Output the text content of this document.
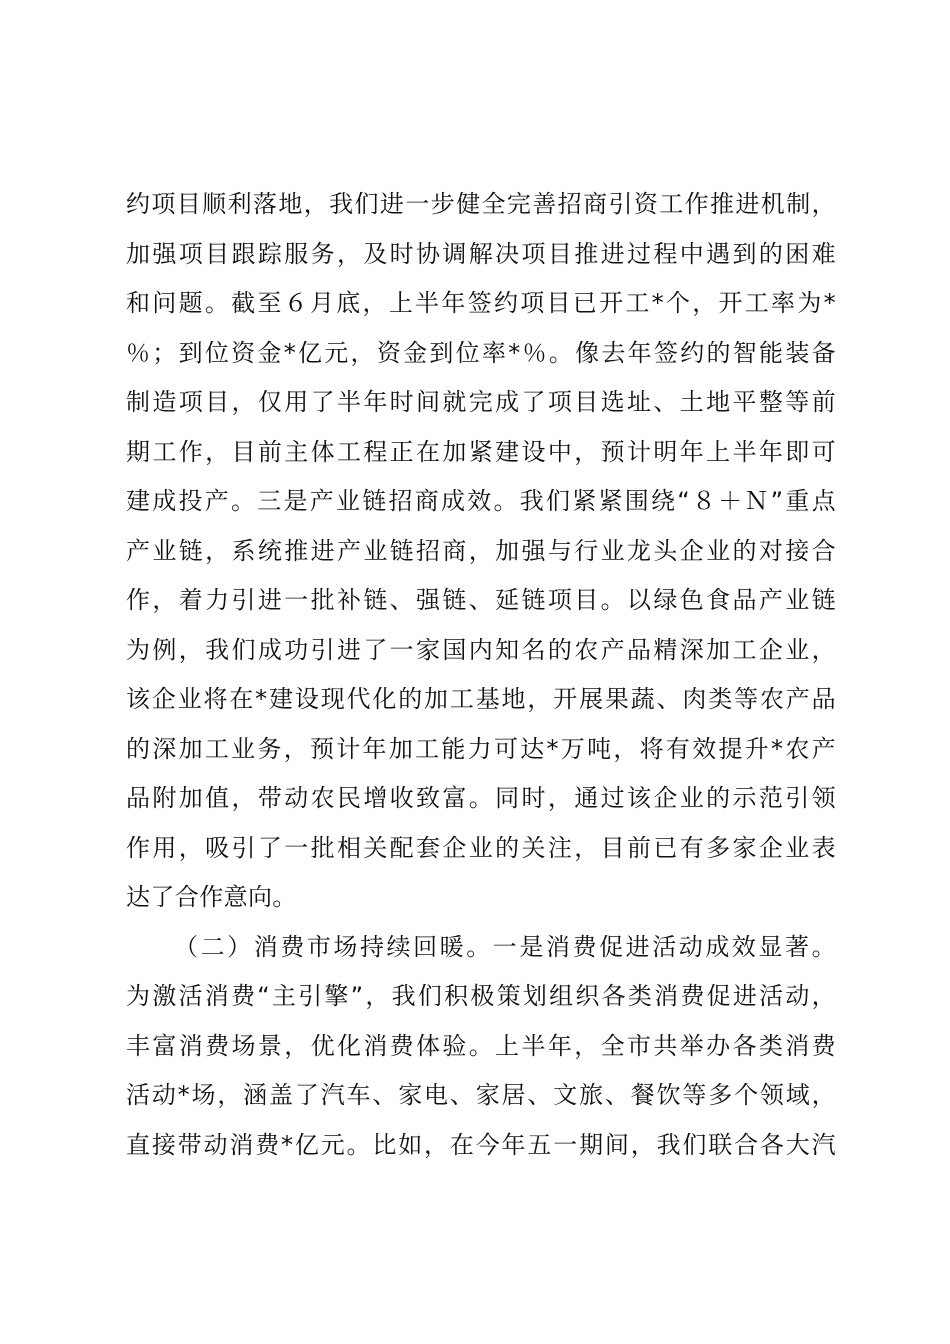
约项目顺利落地，我们进一步健全完善招商引资工作推进机制，
加强项目跟踪服务，及时协调解决项目推进过程中遇到的困难
和问题。截至６月底，上半年签约项目已开工*个，开工率为*
％；到位资金*亿元，资金到位率*％。像去年签约的智能装备
制造项目，仅用了半年时间就完成了项目选址、土地平整等前
期工作，目前主体工程正在加紧建设中，预计明年上半年即可
建成投产。三是产业链招商成效。我们紧紧围绕“８＋Ｎ”重点
产业链，系统推进产业链招商，加强与行业龙头企业的对接合
作，着力引进一批补链、强链、延链项目。以绿色食品产业链
为例，我们成功引进了一家国内知名的农产品精深加工企业，
该企业将在*建设现代化的加工基地，开展果蔬、肉类等农产品
的深加工业务，预计年加工能力可达*万吨，将有效提升*农产
品附加值，带动农民增收致富。同时，通过该企业的示范引领
作用，吸引了一批相关配套企业的关注，目前已有多家企业表
达了合作意向。
（二）消费市场持续回暖。一是消费促进活动成效显著。
为激活消费“主引擎”，我们积极策划组织各类消费促进活动，
丰富消费场景，优化消费体验。上半年，全市共举办各类消费
活动*场，涵盖了汽车、家电、家居、文旅、餐饮等多个领域，
直接带动消费*亿元。比如，在今年五一期间，我们联合各大汽
